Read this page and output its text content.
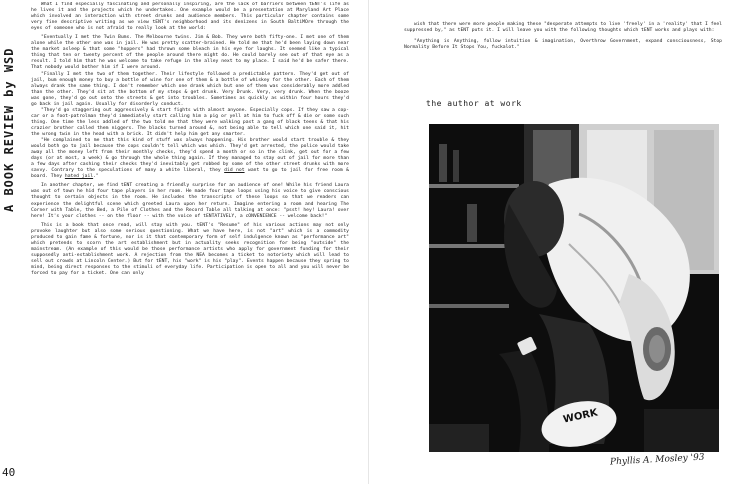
A BOOK REVIEW by WSD

What I find especially fascinating and personally inspiring, are the lack of barriers between tENT's life as he lives it and the projects which he undertakes. One example would be a presentation at Maryland Art Place which involved an interaction with street drunks and audience members. This particular chapter contains some very fine descriptive writing as we view tENT's neighborhood and its denizens in South BaltiMOre through the eyes of someone who is not afraid to really look at the world:

"Eventually I met the Twin Bums. The Melbourne twins. Jim & Bob. They were both fifty-one. I met one of them alone while the other one was in jail. He was pretty scatter-brained. He told me that he'd been laying down near the market asleep & that some "hoppers" had thrown some bleach in his eye for laughs. It seemed like a typical thing that ten or twenty percent of the people around there might do. He could barely see out of that eye as a result. I told him that he was welcome to take refuge in the alley next to my place. I said he'd be safer there. That nobody would bother him if I were around.

"Finally I met the two of them together. Their lifestyle followed a predictable pattern. They'd get out of jail, bum enough money to buy a bottle of wine for one of them & a bottle of whiskey for the other. Each of them always drank the same thing. I don't remember which one drank which but one of them was considerably more addled than the other. They'd sit at the bottom of my steps & get drunk. Very Drunk. Very, very drunk. When the booze was gone, they'd go out onto the streets & get into troubles. Sometimes as quickly as within four hours they'd go back in jail again. Usually for disorderly conduct.

"They'd go staggering out aggressively & start fights with almost anyone. Especially cops. If they saw a cop-car or a foot-patrolman they'd immediately start calling him a pig or yell at him to fuck off & die or some such thing. One time the less addled of the two told me that they were walking past a gang of black teens & that his crazier brother called them niggers. The blacks turned around &, not being able to tell which one said it, hit the wrong twin in the head with a brick. It didn't help him get any smarter.

"He complained to me that this kind of stuff was always happening. His brother would start trouble & they would both go to jail because the cops couldn't tell which was which. They'd get arrested, the police would take away all the money left from their monthly checks, they'd spend a month or so in the clink, get out for a few days (or at most, a week) & go through the whole thing again. If they managed to stay out of jail for more than a few days after cashing their checks they'd inevitably get robbed by some of the other street drunks with more savvy. Contrary to the speculations of many a white liberal, they did not want to go to jail for free room & board. They hated jail."

In another chapter, we find tENT creating a friendly surprise for an audience of one! While his friend Laura was out of town he hid four tape players in her room. He made four tape loops using his voice to give conscious thought to certain objects in the room. He includes the transcripts of these loops so that we readers can experience the delightful scene which greeted Laura upon her return. Imagine entering a room and hearing The Corner with Table, the Bed, a Pile of Clothes and the Record Table all talking at once: "psst! hey! Laura! over here! It's your clothes -- on the floor -- with the voice of tENTATIVELY, a cONVENIENCE -- welcome back!"

This is a book that once read, will stay with you. tENT's "Resume" of his various actions may not only provoke laughter but also some serious questioning. What we have here, is not "art" which is a commodity produced to gain fame & fortune, nor is it that contemporary form of self indulgence known as "performance art" which pretends to scorn the art establishment but in actuality seeks recognition for being "outside" the mainstream. (An example of this would be those performance artists who apply for government funding for their supposedly anti-establishment work. A rejection from the NEA becomes a ticket to notoriety which will lead to sell out crowds at Lincoln Center.) But for tENT, his "work" is his "play". Events happen because they spring to mind, being direct responses to the stimuli of everyday life. Participation is open to all and you will never be forced to pay for a ticket. One can only

40

wish that there were more people making these "desperate attempts to live 'freely' in a 'reality' that I feel suppressed by," as tENT puts it. I will leave you with the following thoughts which tENT works and plays with:

"Anything is Anything, follow intuition & imagination, Overthrow Government, expand consciousness, Stop Normality Before It Stops You, fuckalot."

the author at work
WORK
Phyllis A. Mosley '93
